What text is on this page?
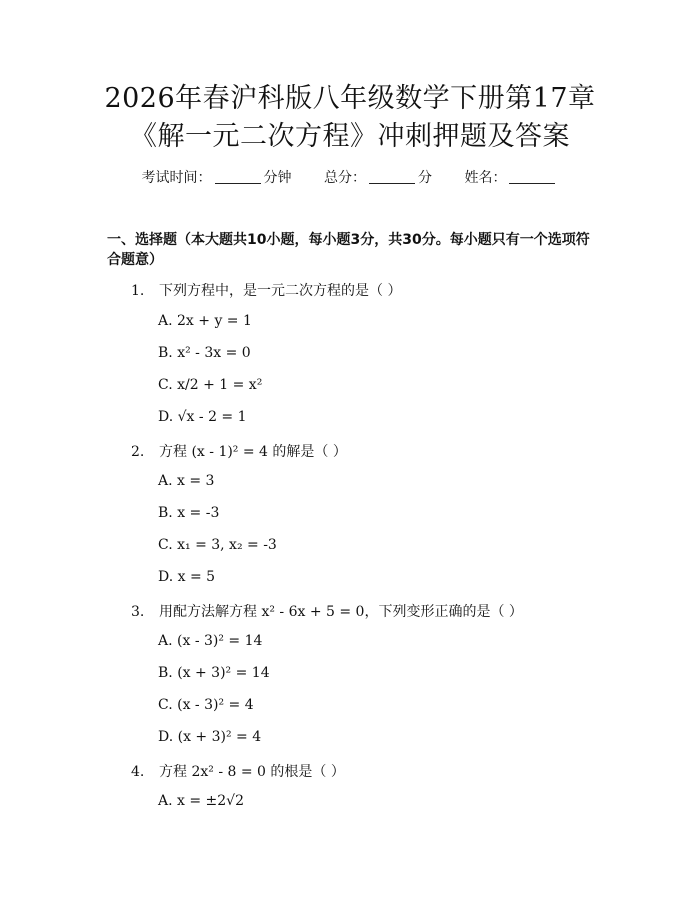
2026年春沪科版八年级数学下册第17章
《解一元二次方程》冲刺押题及答案
考试时间：	分钟 总分：	分 姓名：
一、选择题（本大题共10小题，每小题3分，共30分。每小题只有一个选项符合题意）
1. 下列方程中，是一元二次方程的是（ ）
A. 2x + y = 1
B. x² - 3x = 0
C. x/2 + 1 = x²
D. √x - 2 = 1
2. 方程 (x - 1)² = 4 的解是（ ）
A. x = 3
B. x = -3
C. x₁ = 3, x₂ = -3
D. x = 5
3. 用配方法解方程 x² - 6x + 5 = 0，下列变形正确的是（ ）
A. (x - 3)² = 14
B. (x + 3)² = 14
C. (x - 3)² = 4
D. (x + 3)² = 4
4. 方程 2x² - 8 = 0 的根是（ ）
A. x = ±2√2
